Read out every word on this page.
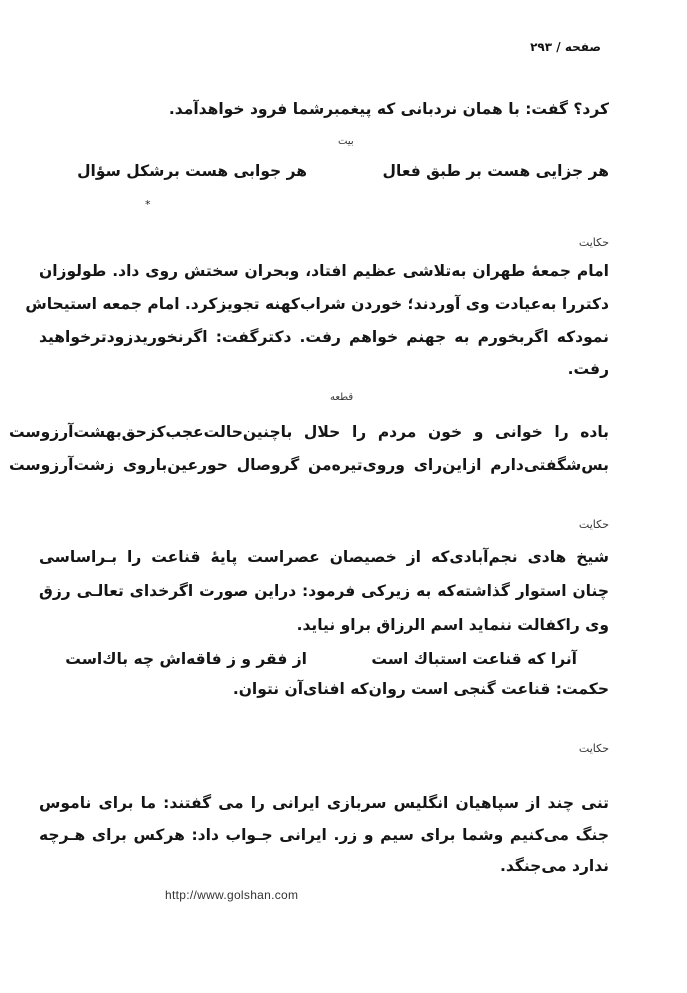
صفحه / ۲۹۳
کرد؟ گفت: با همان نردبانی که پیغمبرشما فرود خواهدآمد.
بیت
هر جزایی هست بر طبق فعال
هر جوابی هست برشکل سؤال
*
حکایت
امام جمعهٔ طهران به‌تلاشی عظیم افتاد، وبحران سختش روی داد. طولوزان
دکتررا به‌عیادت وی آوردند؛ خوردن شراب‌کهنه تجویزکرد. امام جمعه استیحاش
نمودکه اگربخورم به جهنم خواهم رفت. دکترگفت: اگرنخوریدزودترخواهید
رفت.
قطعه
باده را خوانی و خون مردم را حلال باچنین‌حالت‌عجب‌کزحق‌بهشت‌آرزوست
بس‌شگفتی‌دارم ازاین‌رای وروی‌تیره‌من گروصال حورعین‌باروی زشت‌آرزوست
حکایت
شیخ هادی نجم‌آبادی‌که از خصیصان عصراست پایهٔ قناعت را بـراساسی
چنان استوار گذاشته‌که به زیرکی فرمود: دراین صورت اگرخدای تعالـی رزق
وی راکفالت ننماید اسم الرزاق براو نیاید.
آنرا که قناعت استباك است
از فقر و ز فاقه‌اش چه باك‌است
حکمت: قناعت گنجی است روان‌که افنای‌آن نتوان.
حکایت
تنی چند از سپاهیان انگلیس سربازی ایرانی را می گفتند: ما برای ناموس
جنگ می‌کنیم وشما برای سیم و زر. ایرانی جـواب داد: هرکس برای هـرچه
ندارد می‌جنگد.
http://www.golshan.com
